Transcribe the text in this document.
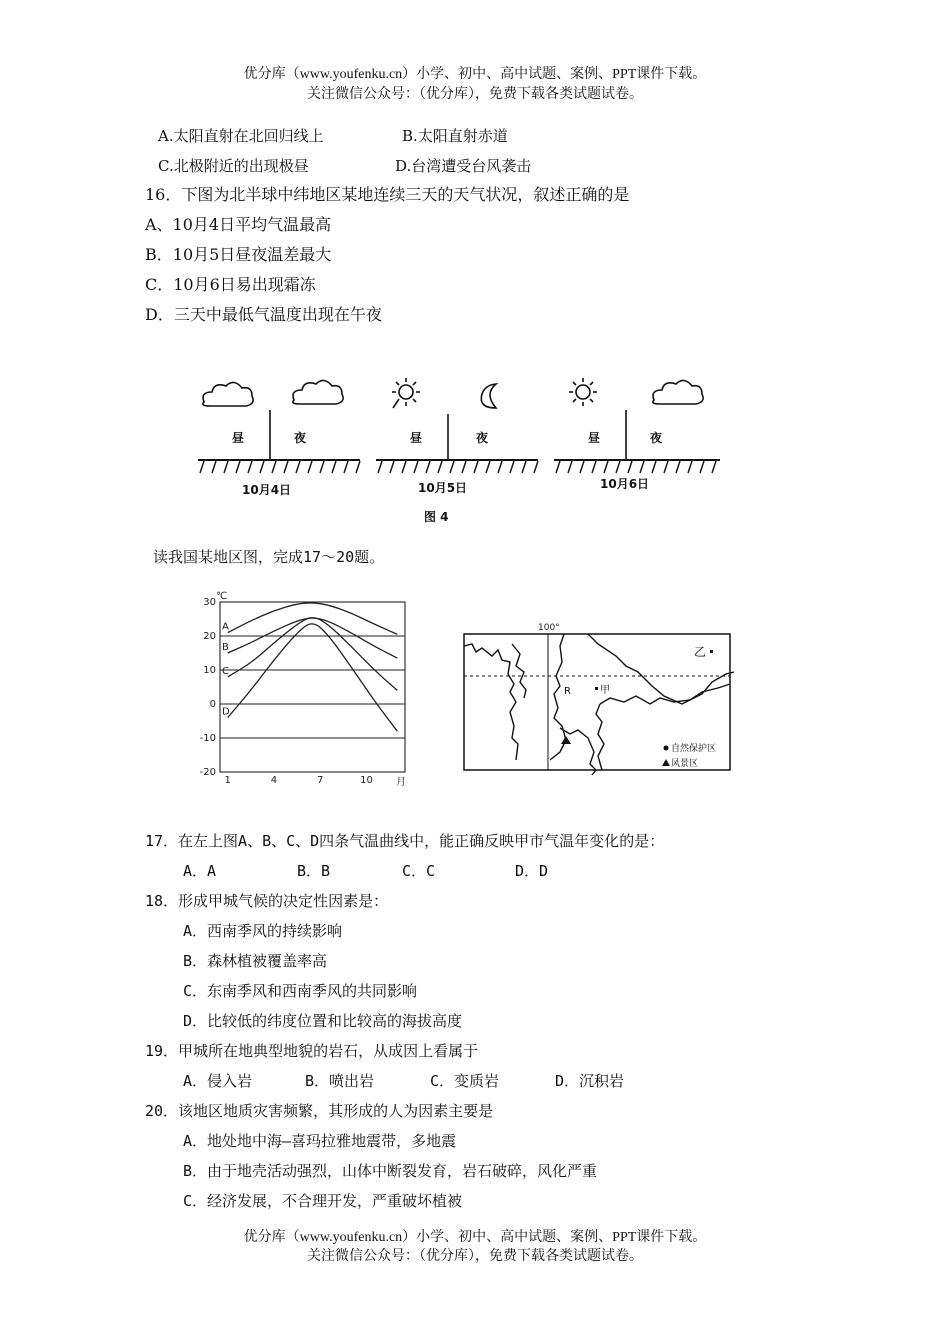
优分库（www.youfenku.cn）小学、初中、高中试题、案例、PPT课件下载。
关注微信公众号：（优分库），免费下载各类试题试卷。
A.太阳直射在北回归线上	B.太阳直射赤道
C.北极附近的出现极昼	D.台湾遭受台风袭击
16．下图为北半球中纬地区某地连续三天的天气状况，叙述正确的是
A、10月4日平均气温最高
B．10月5日昼夜温差最大
C．10月6日易出现霜冻
D．三天中最低气温度出现在午夜
昼	夜
10月4日
昼	夜
10月5日
昼	夜
10月6日
图 4
读我国某地区图，完成17～20题。
℃
月
30
20
10
0
-10
-20
1	4	7	10
A
B
C
D
100°
R	甲
乙
自然保护区
风景区
17．在左上图A、B、C、D四条气温曲线中，能正确反映甲市气温年变化的是：
A．A	B．B	C．C	D．D
18．形成甲城气候的决定性因素是：
A．西南季风的持续影响
B．森林植被覆盖率高
C．东南季风和西南季风的共同影响
D．比较低的纬度位置和比较高的海拔高度
19．甲城所在地典型地貌的岩石，从成因上看属于
A．侵入岩	B．喷出岩	C．变质岩	D．沉积岩
20．该地区地质灾害频繁，其形成的人为因素主要是
A．地处地中海—喜玛拉雅地震带，多地震
B．由于地壳活动强烈，山体中断裂发育，岩石破碎，风化严重
C．经济发展，不合理开发，严重破坏植被
优分库（www.youfenku.cn）小学、初中、高中试题、案例、PPT课件下载。
关注微信公众号：（优分库），免费下载各类试题试卷。
